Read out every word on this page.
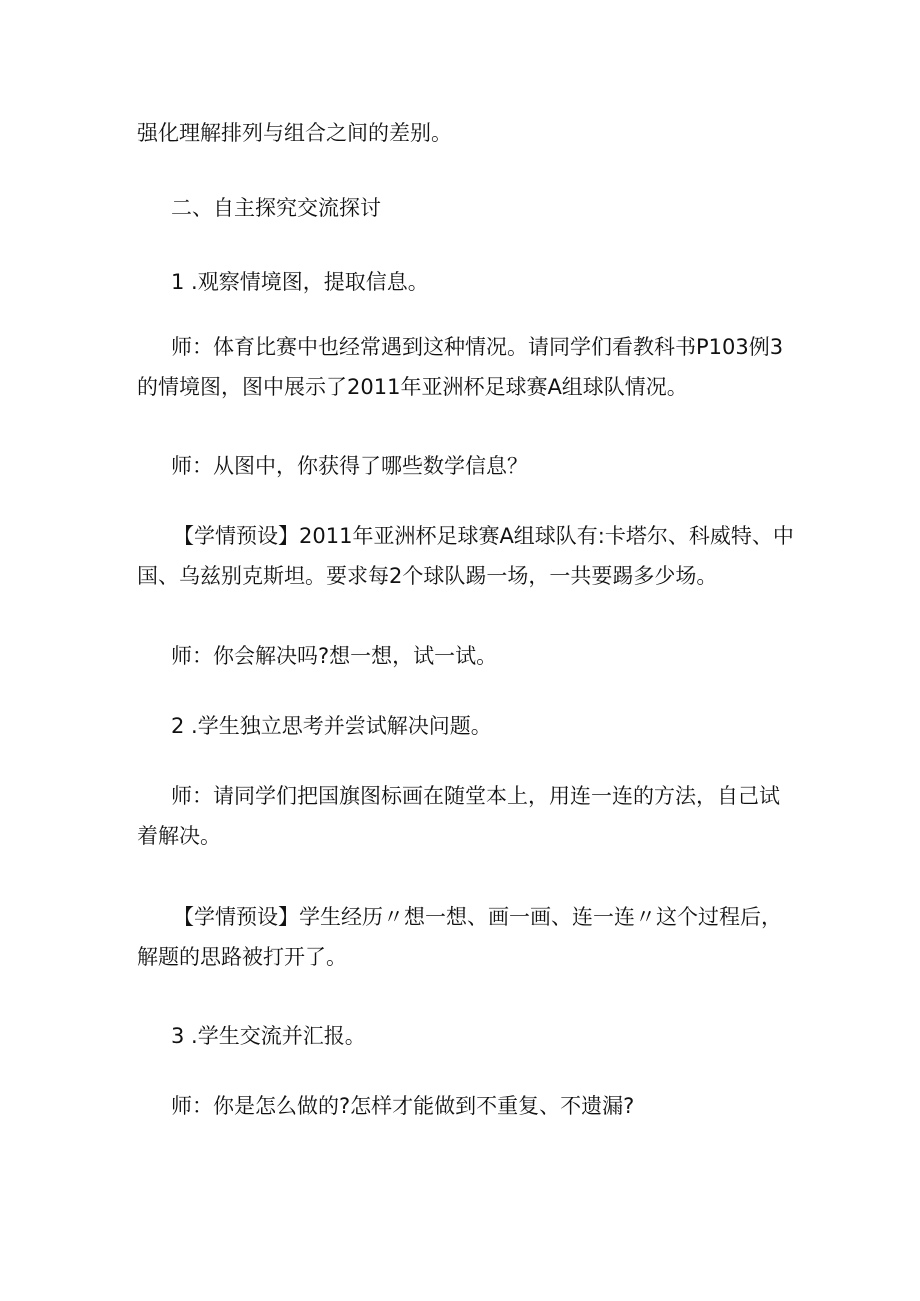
强化理解排列与组合之间的差别。
二、自主探究交流探讨
1 .观察情境图，提取信息。
师：体育比赛中也经常遇到这种情况。请同学们看教科书P103例3的情境图，图中展示了2011年亚洲杯足球赛A组球队情况。
师：从图中，你获得了哪些数学信息？
【学情预设】2011年亚洲杯足球赛A组球队有:卡塔尔、科威特、中国、乌兹别克斯坦。要求每2个球队踢一场，一共要踢多少场。
师：你会解决吗?想一想，试一试。
2 .学生独立思考并尝试解决问题。
师：请同学们把国旗图标画在随堂本上，用连一连的方法，自己试着解决。
【学情预设】学生经历〃想一想、画一画、连一连〃这个过程后，解题的思路被打开了。
3 .学生交流并汇报。
师：你是怎么做的?怎样才能做到不重复、不遗漏?
